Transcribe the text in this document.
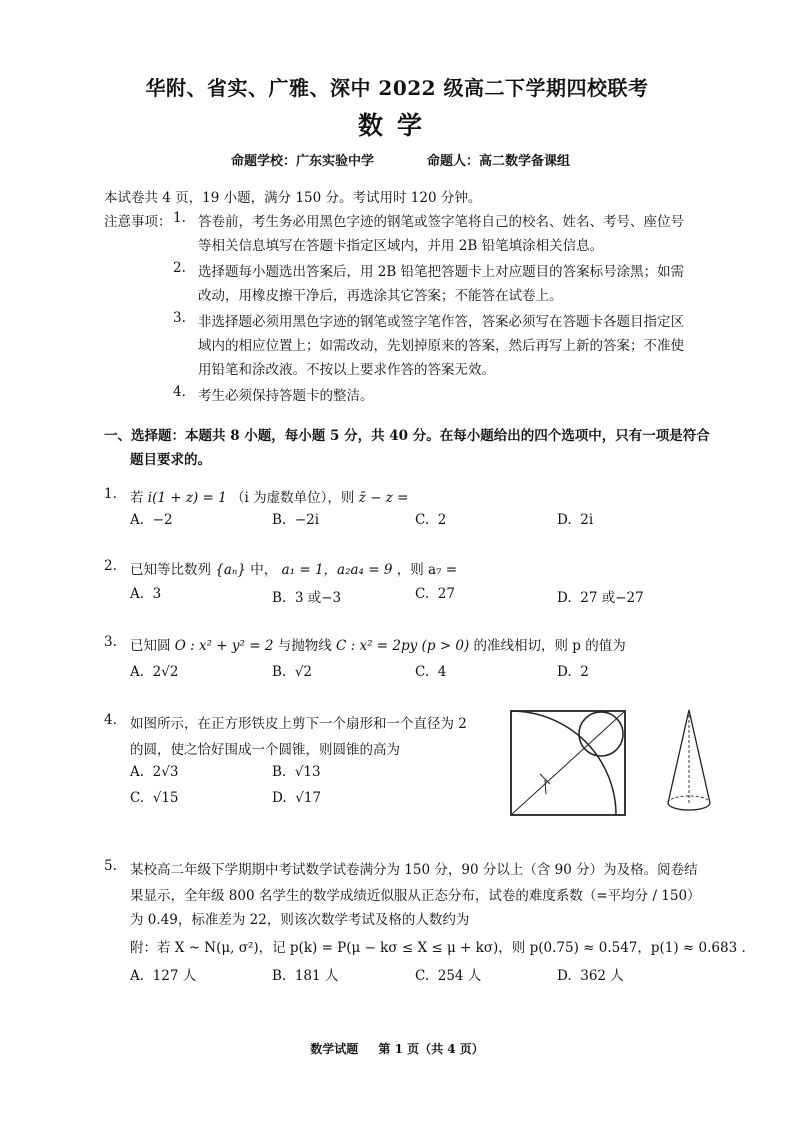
华附、省实、广雅、深中 2022 级高二下学期四校联考
数学
命题学校：广东实验中学	命题人：高二数学备课组
本试卷共 4 页，19 小题，满分 150 分。考试用时 120 分钟。
注意事项： 1. 答卷前，考生务必用黑色字迹的钢笔或签字笔将自己的校名、姓名、考号、座位号
等相关信息填写在答题卡指定区域内，并用 2B 铅笔填涂相关信息。
2. 选择题每小题选出答案后，用 2B 铅笔把答题卡上对应题目的答案标号涂黑；如需
改动，用橡皮擦干净后，再选涂其它答案；不能答在试卷上。
3. 非选择题必须用黑色字迹的钢笔或签字笔作答，答案必须写在答题卡各题目指定区
域内的相应位置上；如需改动，先划掉原来的答案，然后再写上新的答案；不准使
用铅笔和涂改液。不按以上要求作答的答案无效。
4. 考生必须保持答题卡的整洁。
一、选择题：本题共 8 小题，每小题 5 分，共 40 分。在每小题给出的四个选项中，只有一项是符合
题目要求的。
1. 若 i(1 + z) = 1 （i 为虚数单位），则 z̄ − z =
A. −2	B. −2i	C. 2	D. 2i
2. 已知等比数列 {aₙ} 中， a₁ = 1，a₂a₄ = 9 ，则 a₇ =
A. 3	B. 3 或−3	C. 27	D. 27 或−27
3. 已知圆 O : x² + y² = 2 与抛物线 C : x² = 2py (p > 0) 的准线相切，则 p 的值为
A. 2√2	B. √2	C. 4	D. 2
4. 如图所示，在正方形铁皮上剪下一个扇形和一个直径为 2
的圆，使之恰好围成一个圆锥，则圆锥的高为
A. 2√3	B. √13
C. √15	D. √17
5. 某校高二年级下学期期中考试数学试卷满分为 150 分，90 分以上（含 90 分）为及格。阅卷结
果显示，全年级 800 名学生的数学成绩近似服从正态分布，试卷的难度系数（=平均分 / 150）
为 0.49，标准差为 22，则该次数学考试及格的人数约为
附：若 X ~ N(μ, σ²)，记 p(k) = P(μ − kσ ≤ X ≤ μ + kσ)，则 p(0.75) ≈ 0.547，p(1) ≈ 0.683 .
A. 127 人	B. 181 人	C. 254 人	D. 362 人
数学试题 第 1 页（共 4 页）
